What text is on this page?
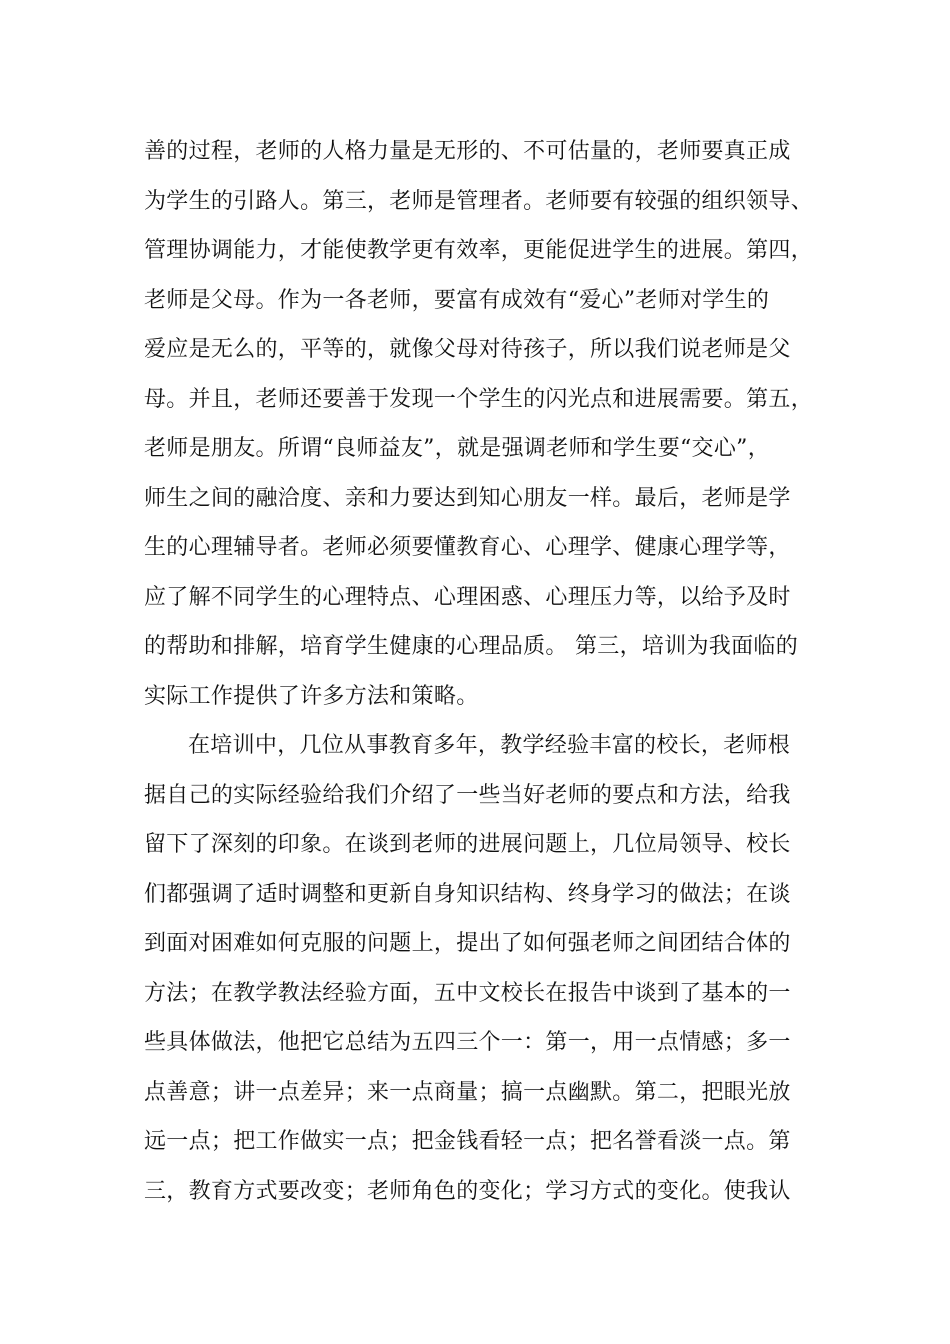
善的过程，老师的人格力量是无形的、不可估量的，老师要真正成
为学生的引路人。第三，老师是管理者。老师要有较强的组织领导、
管理协调能力，才能使教学更有效率，更能促进学生的进展。第四，
老师是父母。作为一各老师，要富有成效有“爱心”老师对学生的
爱应是无么的，平等的，就像父母对待孩子，所以我们说老师是父
母。并且，老师还要善于发现一个学生的闪光点和进展需要。第五，
老师是朋友。所谓“良师益友”，就是强调老师和学生要“交心”，
师生之间的融洽度、亲和力要达到知心朋友一样。最后，老师是学
生的心理辅导者。老师必须要懂教育心、心理学、健康心理学等，
应了解不同学生的心理特点、心理困惑、心理压力等，以给予及时
的帮助和排解，培育学生健康的心理品质。 第三，培训为我面临的
实际工作提供了许多方法和策略。
在培训中，几位从事教育多年，教学经验丰富的校长，老师根
据自己的实际经验给我们介绍了一些当好老师的要点和方法，给我
留下了深刻的印象。在谈到老师的进展问题上，几位局领导、校长
们都强调了适时调整和更新自身知识结构、终身学习的做法；在谈
到面对困难如何克服的问题上，提出了如何强老师之间团结合体的
方法；在教学教法经验方面，五中文校长在报告中谈到了基本的一
些具体做法，他把它总结为五四三个一：第一，用一点情感；多一
点善意；讲一点差异；来一点商量；搞一点幽默。第二，把眼光放
远一点；把工作做实一点；把金钱看轻一点；把名誉看淡一点。第
三，教育方式要改变；老师角色的变化；学习方式的变化。使我认
